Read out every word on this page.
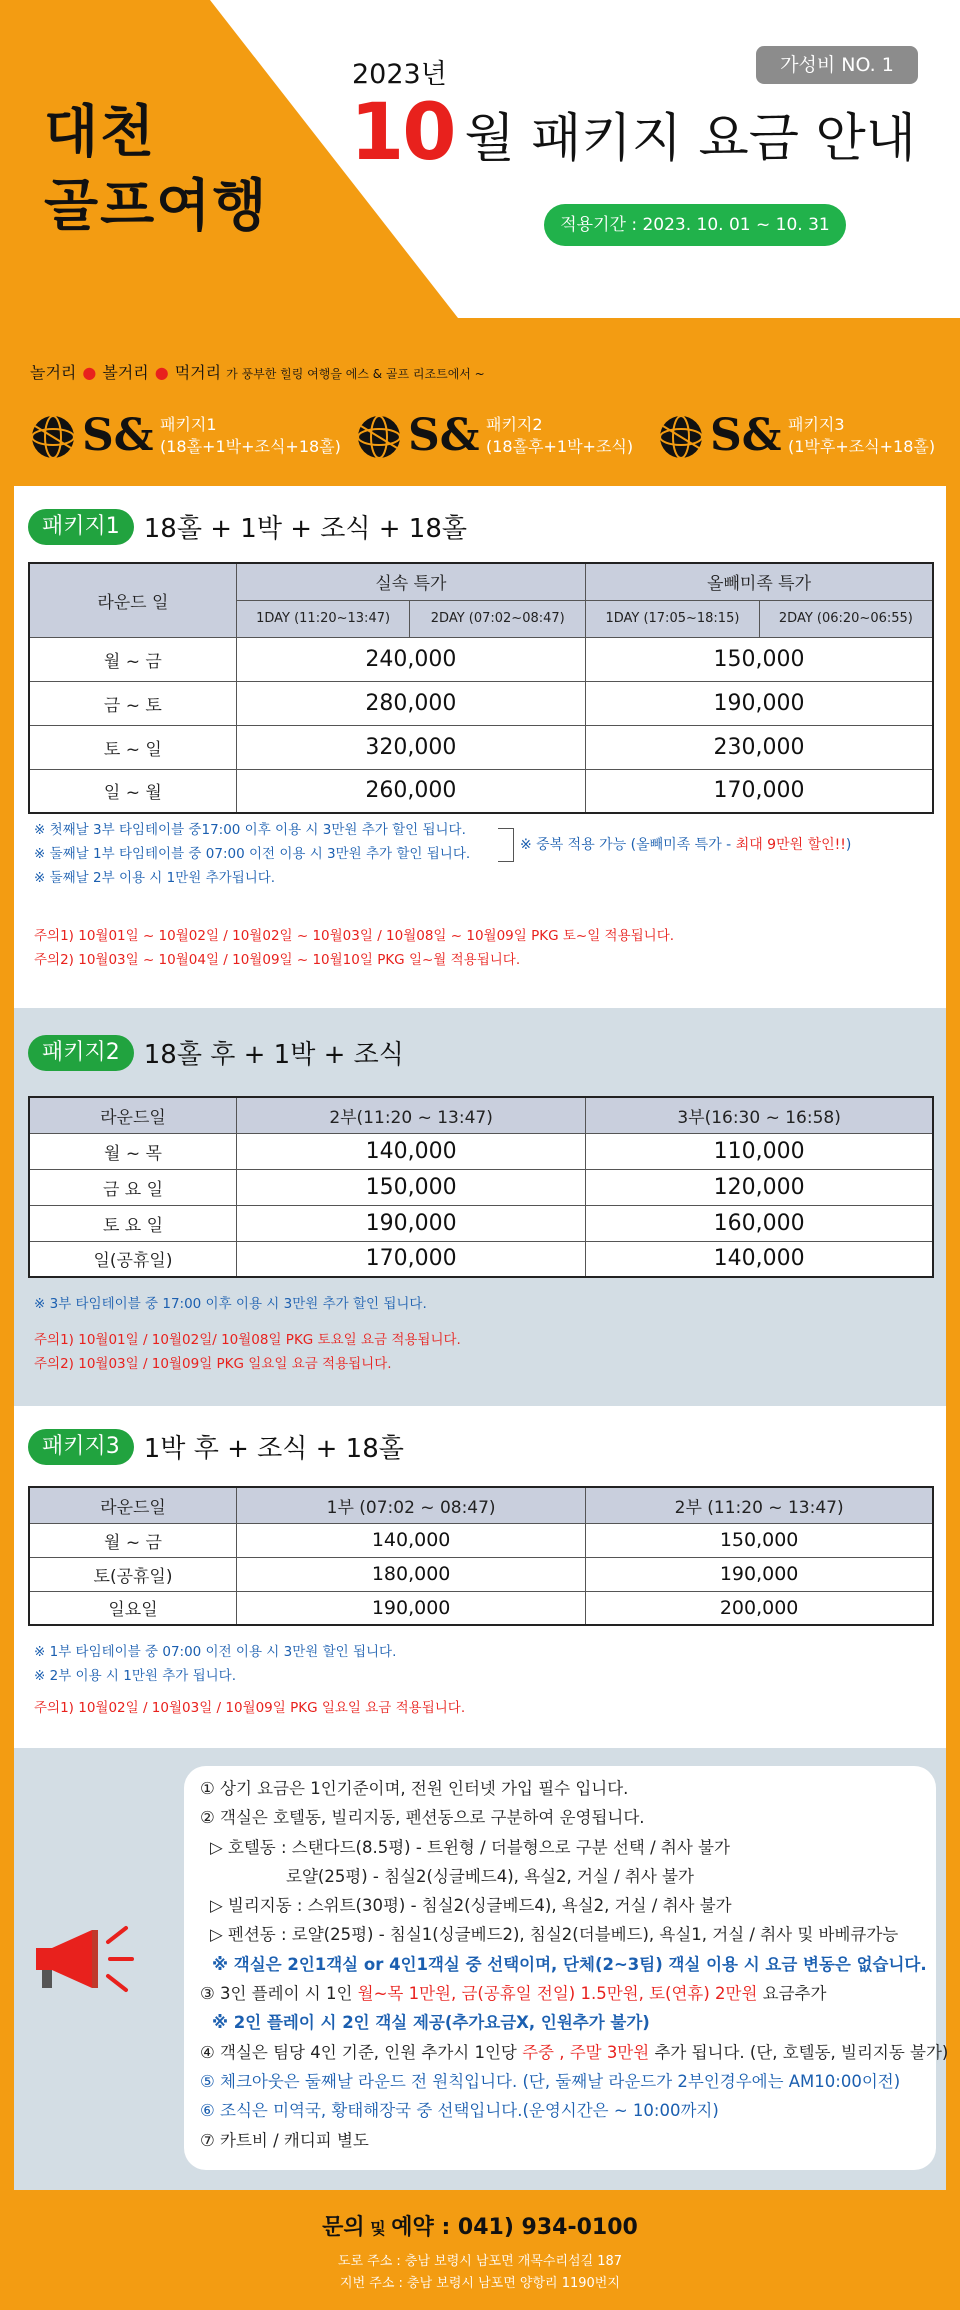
대천
골프여행
가성비 NO. 1
2023년
10 월 패키지 요금 안내
적용기간 : 2023. 10. 01 ~ 10. 31
놀거리 ● 볼거리 ● 먹거리 가 풍부한 힐링 여행을 에스 & 골프 리조트에서 ~
S& 패키지1
(18홀+1박+조식+18홀) S& 패키지2
(18홀후+1박+조식) S& 패키지3
(1박후+조식+18홀)
패키지1 18홀 + 1박 + 조식 + 18홀
라운드 일	실속 특가		올빼미족 특가	
	1DAY (11:20~13:47)	2DAY (07:02~08:47)	1DAY (17:05~18:15)	2DAY (06:20~06:55)
월 ~ 금	240,000		150,000	
금 ~ 토	280,000		190,000	
토 ~ 일	320,000		230,000	
일 ~ 월	260,000		170,000	
※ 첫째날 3부 타임테이블 중17:00 이후 이용 시 3만원 추가 할인 됩니다.
※ 둘째날 1부 타임테이블 중 07:00 이전 이용 시 3만원 추가 할인 됩니다.
※ 둘째날 2부 이용 시 1만원 추가됩니다.
※ 중복 적용 가능 (올빼미족 특가 - 최대 9만원 할인!!)
주의1) 10월01일 ~ 10월02일 / 10월02일 ~ 10월03일 / 10월08일 ~ 10월09일 PKG 토~일 적용됩니다.
주의2) 10월03일 ~ 10월04일 / 10월09일 ~ 10월10일 PKG 일~월 적용됩니다.
패키지2 18홀 후 + 1박 + 조식
라운드일	2부(11:20 ~ 13:47)	3부(16:30 ~ 16:58)
월 ~ 목	140,000	110,000
금 요 일	150,000	120,000
토 요 일	190,000	160,000
일(공휴일)	170,000	140,000
※ 3부 타임테이블 중 17:00 이후 이용 시 3만원 추가 할인 됩니다.
주의1) 10월01일 / 10월02일/ 10월08일 PKG 토요일 요금 적용됩니다.
주의2) 10월03일 / 10월09일 PKG 일요일 요금 적용됩니다.
패키지3 1박 후 + 조식 + 18홀
라운드일	1부 (07:02 ~ 08:47)	2부 (11:20 ~ 13:47)
월 ~ 금	140,000	150,000
토(공휴일)	180,000	190,000
일요일	190,000	200,000
※ 1부 타임테이블 중 07:00 이전 이용 시 3만원 할인 됩니다.
※ 2부 이용 시 1만원 추가 됩니다.
주의1) 10월02일 / 10월03일 / 10월09일 PKG 일요일 요금 적용됩니다.
① 상기 요금은 1인기준이며, 전원 인터넷 가입 필수 입니다.
② 객실은 호텔동, 빌리지동, 펜션동으로 구분하여 운영됩니다.
▷ 호텔동 : 스탠다드(8.5평) - 트윈형 / 더블형으로 구분 선택 / 취사 불가
로얄(25평) - 침실2(싱글베드4), 욕실2, 거실 / 취사 불가
▷ 빌리지동 : 스위트(30평) - 침실2(싱글베드4), 욕실2, 거실 / 취사 불가
▷ 펜션동 : 로얄(25평) - 침실1(싱글베드2), 침실2(더블베드), 욕실1, 거실 / 취사 및 바베큐가능
※ 객실은 2인1객실 or 4인1객실 중 선택이며, 단체(2~3팀) 객실 이용 시 요금 변동은 없습니다.
③ 3인 플레이 시 1인 월~목 1만원, 금(공휴일 전일) 1.5만원, 토(연휴) 2만원 요금추가
※ 2인 플레이 시 2인 객실 제공(추가요금X, 인원추가 불가)
④ 객실은 팀당 4인 기준, 인원 추가시 1인당 주중 , 주말 3만원 추가 됩니다. (단, 호텔동, 빌리지동 불가)
⑤ 체크아웃은 둘째날 라운드 전 원칙입니다. (단, 둘째날 라운드가 2부인경우에는 AM10:00이전)
⑥ 조식은 미역국, 황태해장국 중 선택입니다.(운영시간은 ~ 10:00까지)
⑦ 카트비 / 캐디피 별도
문의 및 예약 : 041) 934-0100
도로 주소 : 충남 보령시 남포면 개목수리섬길 187
지번 주소 : 충남 보령시 남포면 양항리 1190번지
